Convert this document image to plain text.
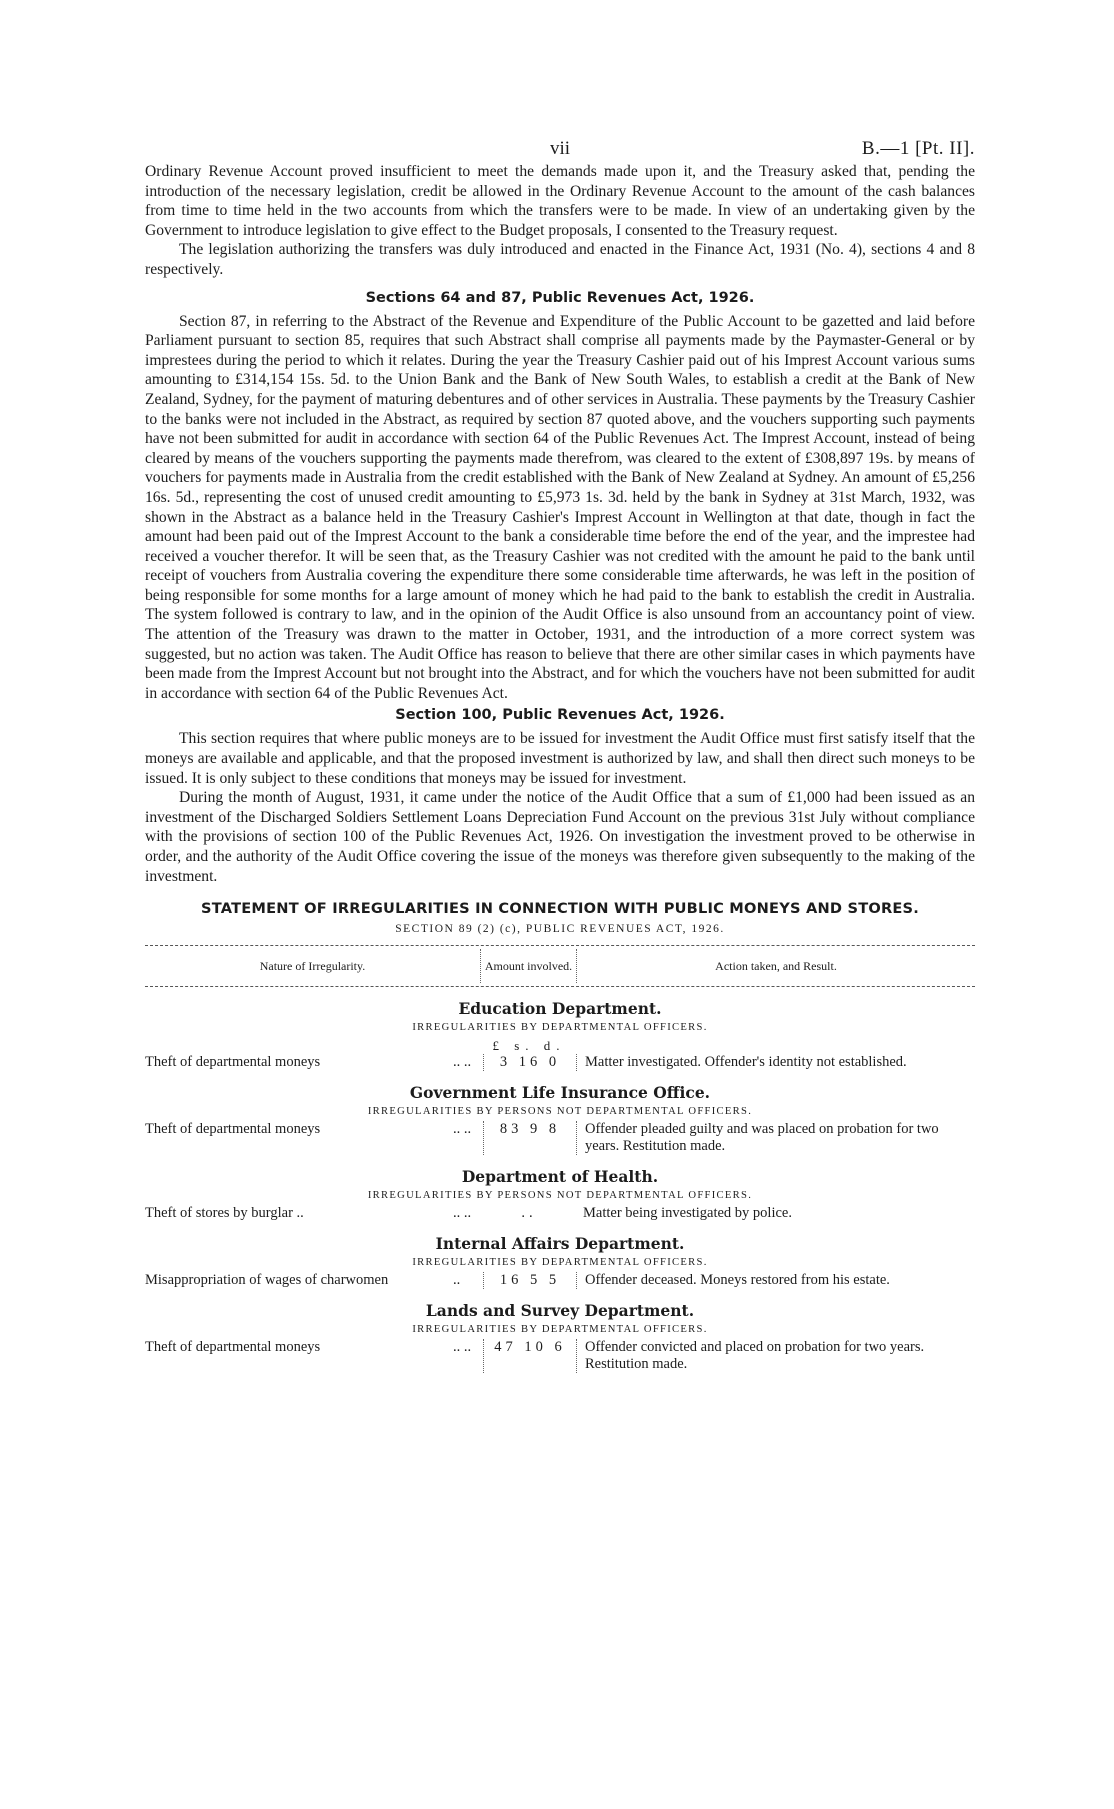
vii	B.—1 [Pt. II].

Ordinary Revenue Account proved insufficient to meet the demands made upon it, and the Treasury asked that, pending the introduction of the necessary legislation, credit be allowed in the Ordinary Revenue Account to the amount of the cash balances from time to time held in the two accounts from which the transfers were to be made. In view of an undertaking given by the Government to introduce legislation to give effect to the Budget proposals, I consented to the Treasury request.

The legislation authorizing the transfers was duly introduced and enacted in the Finance Act, 1931 (No. 4), sections 4 and 8 respectively.

Sections 64 and 87, Public Revenues Act, 1926.

Section 87, in referring to the Abstract of the Revenue and Expenditure of the Public Account to be gazetted and laid before Parliament pursuant to section 85, requires that such Abstract shall comprise all payments made by the Paymaster-General or by imprestees during the period to which it relates. During the year the Treasury Cashier paid out of his Imprest Account various sums amounting to £314,154 15s. 5d. to the Union Bank and the Bank of New South Wales, to establish a credit at the Bank of New Zealand, Sydney, for the payment of maturing debentures and of other services in Australia. These payments by the Treasury Cashier to the banks were not included in the Abstract, as required by section 87 quoted above, and the vouchers supporting such payments have not been submitted for audit in accordance with section 64 of the Public Revenues Act. The Imprest Account, instead of being cleared by means of the vouchers supporting the payments made therefrom, was cleared to the extent of £308,897 19s. by means of vouchers for payments made in Australia from the credit established with the Bank of New Zealand at Sydney. An amount of £5,256 16s. 5d., representing the cost of unused credit amounting to £5,973 1s. 3d. held by the bank in Sydney at 31st March, 1932, was shown in the Abstract as a balance held in the Treasury Cashier's Imprest Account in Wellington at that date, though in fact the amount had been paid out of the Imprest Account to the bank a considerable time before the end of the year, and the imprestee had received a voucher therefor. It will be seen that, as the Treasury Cashier was not credited with the amount he paid to the bank until receipt of vouchers from Australia covering the expenditure there some considerable time afterwards, he was left in the position of being responsible for some months for a large amount of money which he had paid to the bank to establish the credit in Australia. The system followed is contrary to law, and in the opinion of the Audit Office is also unsound from an accountancy point of view. The attention of the Treasury was drawn to the matter in October, 1931, and the introduction of a more correct system was suggested, but no action was taken. The Audit Office has reason to believe that there are other similar cases in which payments have been made from the Imprest Account but not brought into the Abstract, and for which the vouchers have not been submitted for audit in accordance with section 64 of the Public Revenues Act.

Section 100, Public Revenues Act, 1926.

This section requires that where public moneys are to be issued for investment the Audit Office must first satisfy itself that the moneys are available and applicable, and that the proposed investment is authorized by law, and shall then direct such moneys to be issued. It is only subject to these conditions that moneys may be issued for investment.

During the month of August, 1931, it came under the notice of the Audit Office that a sum of £1,000 had been issued as an investment of the Discharged Soldiers Settlement Loans Depreciation Fund Account on the previous 31st July without compliance with the provisions of section 100 of the Public Revenues Act, 1926. On investigation the investment proved to be otherwise in order, and the authority of the Audit Office covering the issue of the moneys was therefore given subsequently to the making of the investment.

STATEMENT OF IRREGULARITIES IN CONNECTION WITH PUBLIC MONEYS AND STORES.
SECTION 89 (2) (c), PUBLIC REVENUES ACT, 1926.
Nature of Irregularity.	Amount involved.	Action taken, and Result.
Education Department.
IRREGULARITIES BY DEPARTMENTAL OFFICERS.
£ s. d.
Theft of departmental moneys	.. ..	3 16 0	Matter investigated. Offender's identity not established.
Government Life Insurance Office.
IRREGULARITIES BY PERSONS NOT DEPARTMENTAL OFFICERS.
Theft of departmental moneys	.. ..	83 9 8	Offender pleaded guilty and was placed on probation for two years. Restitution made.
Department of Health.
IRREGULARITIES BY PERSONS NOT DEPARTMENTAL OFFICERS.
Theft of stores by burglar ..	.. ..	..	Matter being investigated by police.
Internal Affairs Department.
IRREGULARITIES BY DEPARTMENTAL OFFICERS.
Misappropriation of wages of charwomen	..	16 5 5	Offender deceased. Moneys restored from his estate.
Lands and Survey Department.
IRREGULARITIES BY DEPARTMENTAL OFFICERS.
Theft of departmental moneys	.. ..	47 10 6	Offender convicted and placed on probation for two years. Restitution made.
